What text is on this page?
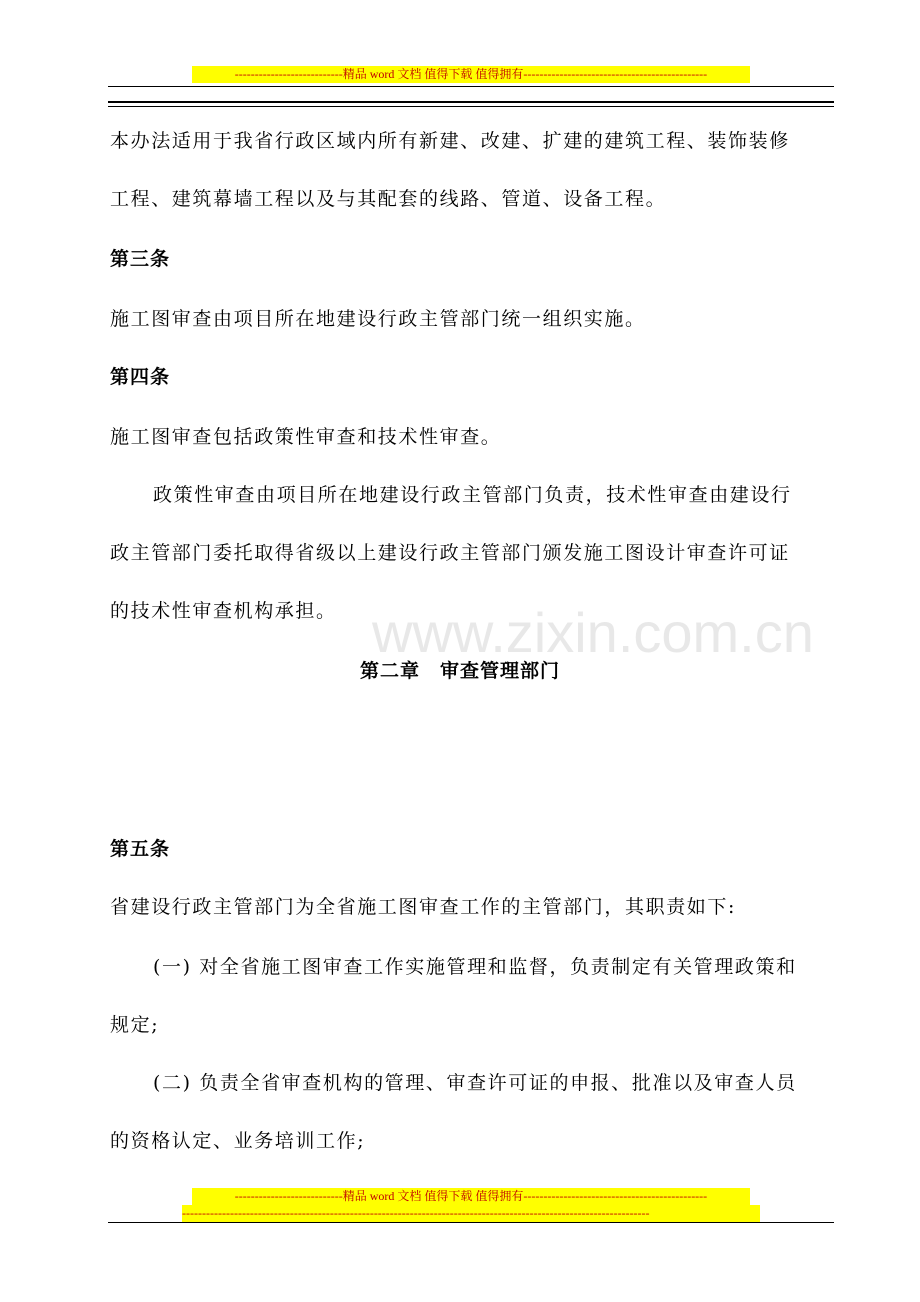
---------------------------精品 word 文档 值得下载 值得拥有----------------------------------------------
www.zixin.com.cn
本办法适用于我省行政区域内所有新建、改建、扩建的建筑工程、装饰装修
工程、建筑幕墙工程以及与其配套的线路、管道、设备工程。
第三条
施工图审查由项目所在地建设行政主管部门统一组织实施。
第四条
施工图审查包括政策性审查和技术性审查。
政策性审查由项目所在地建设行政主管部门负责，技术性审查由建设行
政主管部门委托取得省级以上建设行政主管部门颁发施工图设计审查许可证
的技术性审查机构承担。
第二章　审查管理部门
第五条
省建设行政主管部门为全省施工图审查工作的主管部门，其职责如下:
(一) 对全省施工图审查工作实施管理和监督，负责制定有关管理政策和
规定;
(二) 负责全省审查机构的管理、审查许可证的申报、批准以及审查人员
的资格认定、业务培训工作;
---------------------------精品 word 文档 值得下载 值得拥有----------------------------------------------
---------------------------------------------------------------------------------------------------------------------
